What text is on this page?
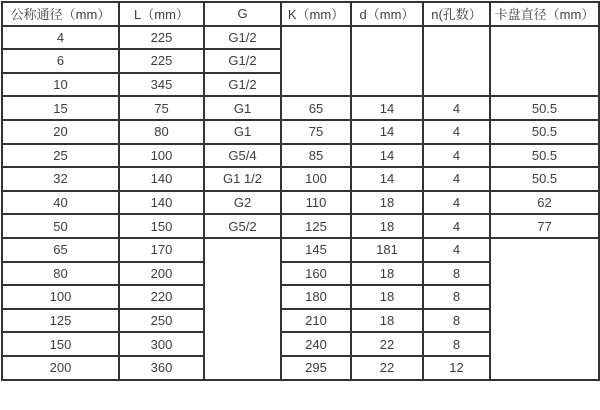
公称通径（mm）	L（mm）	G	K（mm）	d（mm）	n(孔数）	卡盘直径（mm）
4	225	G1/2				
6	225	G1/2				
10	345	G1/2				
15	75	G1	65	14	4	50.5
20	80	G1	75	14	4	50.5
25	100	G5/4	85	14	4	50.5
32	140	G1 1/2	100	14	4	50.5
40	140	G2	110	18	4	62
50	150	G5/2	125	18	4	77
65	170		145	181	4	
80	200		160	18	8	
100	220		180	18	8	
125	250		210	18	8	
150	300		240	22	8	
200	360		295	22	12	
